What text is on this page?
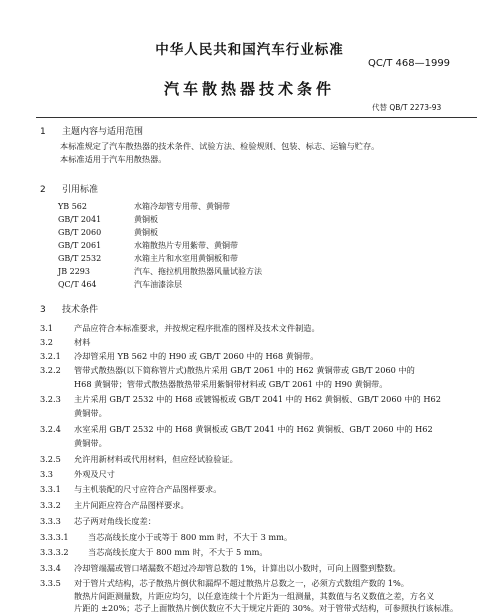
中华人民共和国汽车行业标准
QC/T 468—1999
汽车散热器技术条件
代替 QB/T 2273-93
1 主题内容与适用范围
本标准规定了汽车散热器的技术条件、试验方法、检验规则、包装、标志、运输与贮存。
本标准适用于汽车用散热器。
2 引用标准
YB 562	水箱冷却管专用带、黄铜带
GB/T 2041	黄铜板
GB/T 2060	黄铜板
GB/T 2061	水箱散热片专用紫带、黄铜带
GB/T 2532	水箱主片和水室用黄铜板和带
JB 2293	汽车、拖拉机用散热器风量试验方法
QC/T 464	汽车油漆涂层
3 技术条件
3.1	产品应符合本标准要求，并按规定程序批准的图样及技术文件制造。
3.2	材料
3.2.1 冷却管采用 YB 562 中的 H90 或 GB/T 2060 中的 H68 黄铜带。
3.2.2 管带式散热器(以下简称管片式)散热片采用 GB/T 2061 中的 H62 黄铜带或 GB/T 2060 中的
H68 黄铜带；管带式散热器散热带采用紫铜带材料或 GB/T 2061 中的 H90 黄铜带。
3.2.3 主片采用 GB/T 2532 中的 H68 或镀锡板或 GB/T 2041 中的 H62 黄铜板、GB/T 2060 中的 H62
黄铜带。
3.2.4 水室采用 GB/T 2532 中的 H68 黄铜板或 GB/T 2041 中的 H62 黄铜板、GB/T 2060 中的 H62
黄铜带。
3.2.5 允许用新材料或代用材料，但应经试验验证。
3.3	外观及尺寸
3.3.1 与主机装配的尺寸应符合产品图样要求。
3.3.2 主片间距应符合产品图样要求。
3.3.3 芯子两对角线长度差：
3.3.3.1 当芯高线长度小于或等于 800 mm 时，不大于 3 mm。
3.3.3.2 当芯高线长度大于 800 mm 时，不大于 5 mm。
3.3.4 冷却管端漏或管口堵漏数不超过冷却管总数的 1%，计算出以小数时，可向上圆整到整数。
3.3.5 对于管片式结构，芯子散热片倒伏和漏焊不超过散热片总数之一，必须方式数组产数的 1%。
散热片间距测量数，片距应均匀，以任意连续十个片距为一组测量，其数值与名义数值之差，方名义
片距的 ±20%；芯子上面散热片倒伏数应不大于规定片距的 30%。对于管带式结构，可参照执行该标准。
